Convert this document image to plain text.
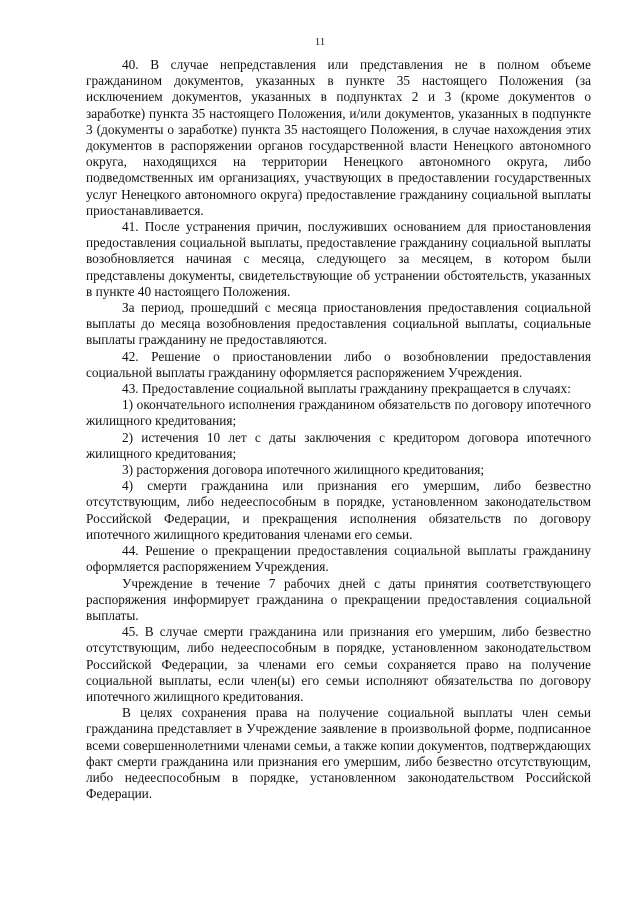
11

40. В случае непредставления или представления не в полном объеме гражданином документов, указанных в пункте 35 настоящего Положения (за исключением документов, указанных в подпунктах 2 и 3 (кроме документов о заработке) пункта 35 настоящего Положения, и/или документов, указанных в подпункте 3 (документы о заработке) пункта 35 настоящего Положения, в случае нахождения этих документов в распоряжении органов государственной власти Ненецкого автономного округа, находящихся на территории Ненецкого автономного округа, либо подведомственных им организациях, участвующих в предоставлении государственных услуг Ненецкого автономного округа) предоставление гражданину социальной выплаты приостанавливается.

41. После устранения причин, послуживших основанием для приостановления предоставления социальной выплаты, предоставление гражданину социальной выплаты возобновляется начиная с месяца, следующего за месяцем, в котором были представлены документы, свидетельствующие об устранении обстоятельств, указанных в пункте 40 настоящего Положения.

За период, прошедший с месяца приостановления предоставления социальной выплаты до месяца возобновления предоставления социальной выплаты, социальные выплаты гражданину не предоставляются.

42. Решение о приостановлении либо о возобновлении предоставления социальной выплаты гражданину оформляется распоряжением Учреждения.

43. Предоставление социальной выплаты гражданину прекращается в случаях:

1) окончательного исполнения гражданином обязательств по договору ипотечного жилищного кредитования;

2) истечения 10 лет с даты заключения с кредитором договора ипотечного жилищного кредитования;

3) расторжения договора ипотечного жилищного кредитования;

4) смерти гражданина или признания его умершим, либо безвестно отсутствующим, либо недееспособным в порядке, установленном законодательством Российской Федерации, и прекращения исполнения обязательств по договору ипотечного жилищного кредитования членами его семьи.

44. Решение о прекращении предоставления социальной выплаты гражданину оформляется распоряжением Учреждения.

Учреждение в течение 7 рабочих дней с даты принятия соответствующего распоряжения информирует гражданина о прекращении предоставления социальной выплаты.

45. В случае смерти гражданина или признания его умершим, либо безвестно отсутствующим, либо недееспособным в порядке, установленном законодательством Российской Федерации, за членами его семьи сохраняется право на получение социальной выплаты, если член(ы) его семьи исполняют обязательства по договору ипотечного жилищного кредитования.

В целях сохранения права на получение социальной выплаты член семьи гражданина представляет в Учреждение заявление в произвольной форме, подписанное всеми совершеннолетними членами семьи, а также копии документов, подтверждающих факт смерти гражданина или признания его умершим, либо безвестно отсутствующим, либо недееспособным в порядке, установленном законодательством Российской Федерации.
